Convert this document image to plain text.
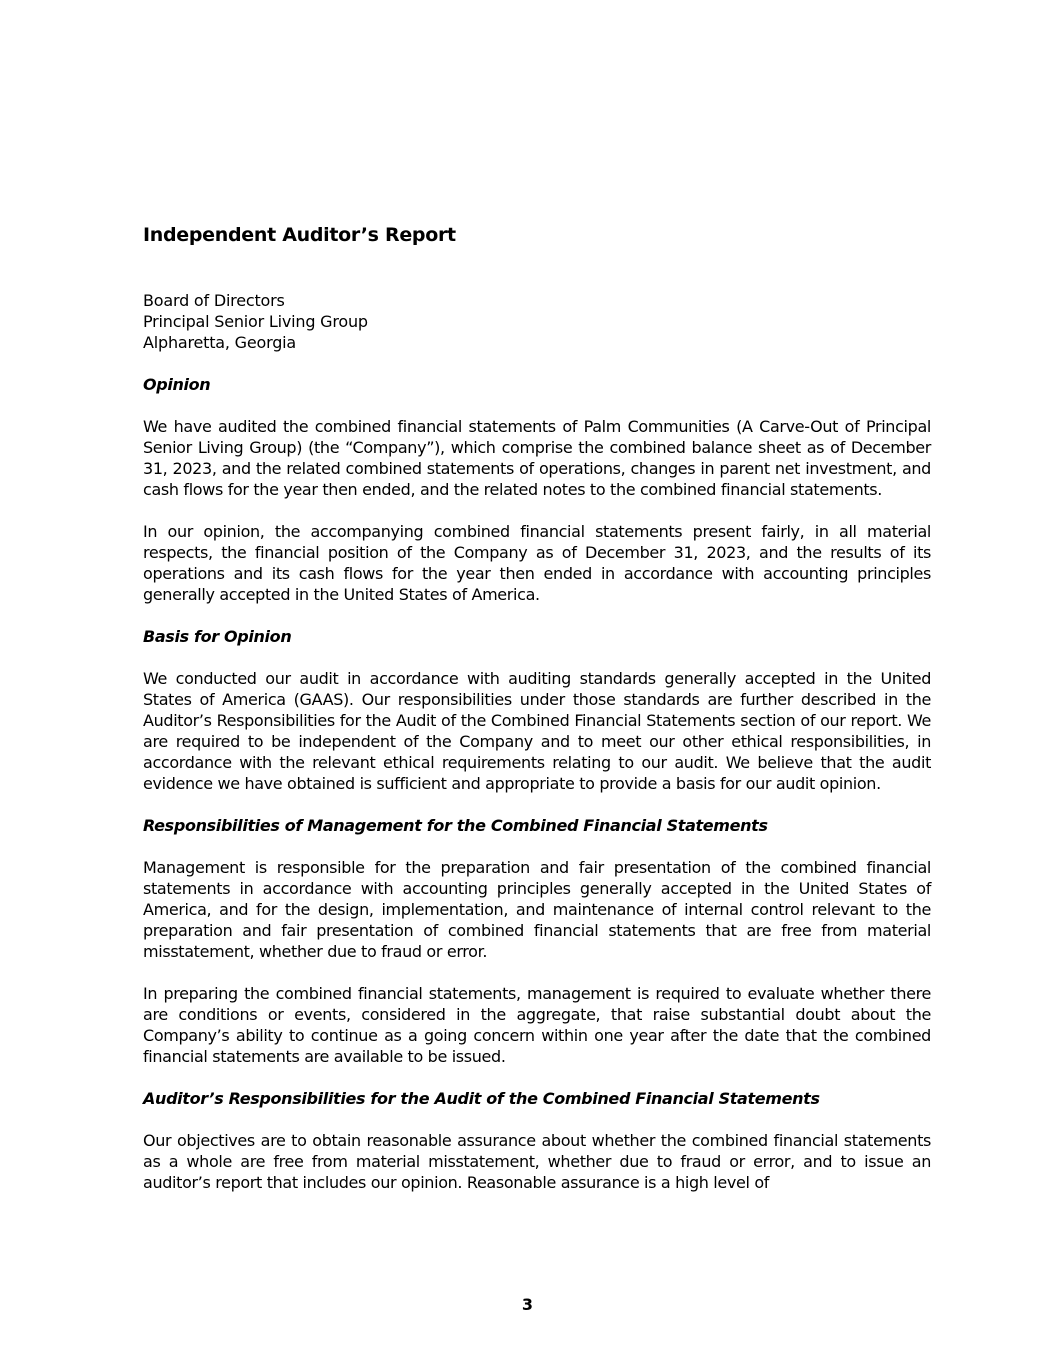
Independent Auditor’s Report
Board of Directors
Principal Senior Living Group
Alpharetta, Georgia
Opinion

We have audited the combined financial statements of Palm Communities (A Carve-Out of Principal Senior Living Group) (the “Company”), which comprise the combined balance sheet as of December 31, 2023, and the related combined statements of operations, changes in parent net investment, and cash flows for the year then ended, and the related notes to the combined financial statements.

In our opinion, the accompanying combined financial statements present fairly, in all material respects, the financial position of the Company as of December 31, 2023, and the results of its operations and its cash flows for the year then ended in accordance with accounting principles generally accepted in the United States of America.

Basis for Opinion

We conducted our audit in accordance with auditing standards generally accepted in the United States of America (GAAS). Our responsibilities under those standards are further described in the Auditor’s Responsibilities for the Audit of the Combined Financial Statements section of our report. We are required to be independent of the Company and to meet our other ethical responsibilities, in accordance with the relevant ethical requirements relating to our audit. We believe that the audit evidence we have obtained is sufficient and appropriate to provide a basis for our audit opinion.

Responsibilities of Management for the Combined Financial Statements

Management is responsible for the preparation and fair presentation of the combined financial statements in accordance with accounting principles generally accepted in the United States of America, and for the design, implementation, and maintenance of internal control relevant to the preparation and fair presentation of combined financial statements that are free from material misstatement, whether due to fraud or error.

In preparing the combined financial statements, management is required to evaluate whether there are conditions or events, considered in the aggregate, that raise substantial doubt about the Company’s ability to continue as a going concern within one year after the date that the combined financial statements are available to be issued.

Auditor’s Responsibilities for the Audit of the Combined Financial Statements

Our objectives are to obtain reasonable assurance about whether the combined financial statements as a whole are free from material misstatement, whether due to fraud or error, and to issue an auditor’s report that includes our opinion. Reasonable assurance is a high level of

3
